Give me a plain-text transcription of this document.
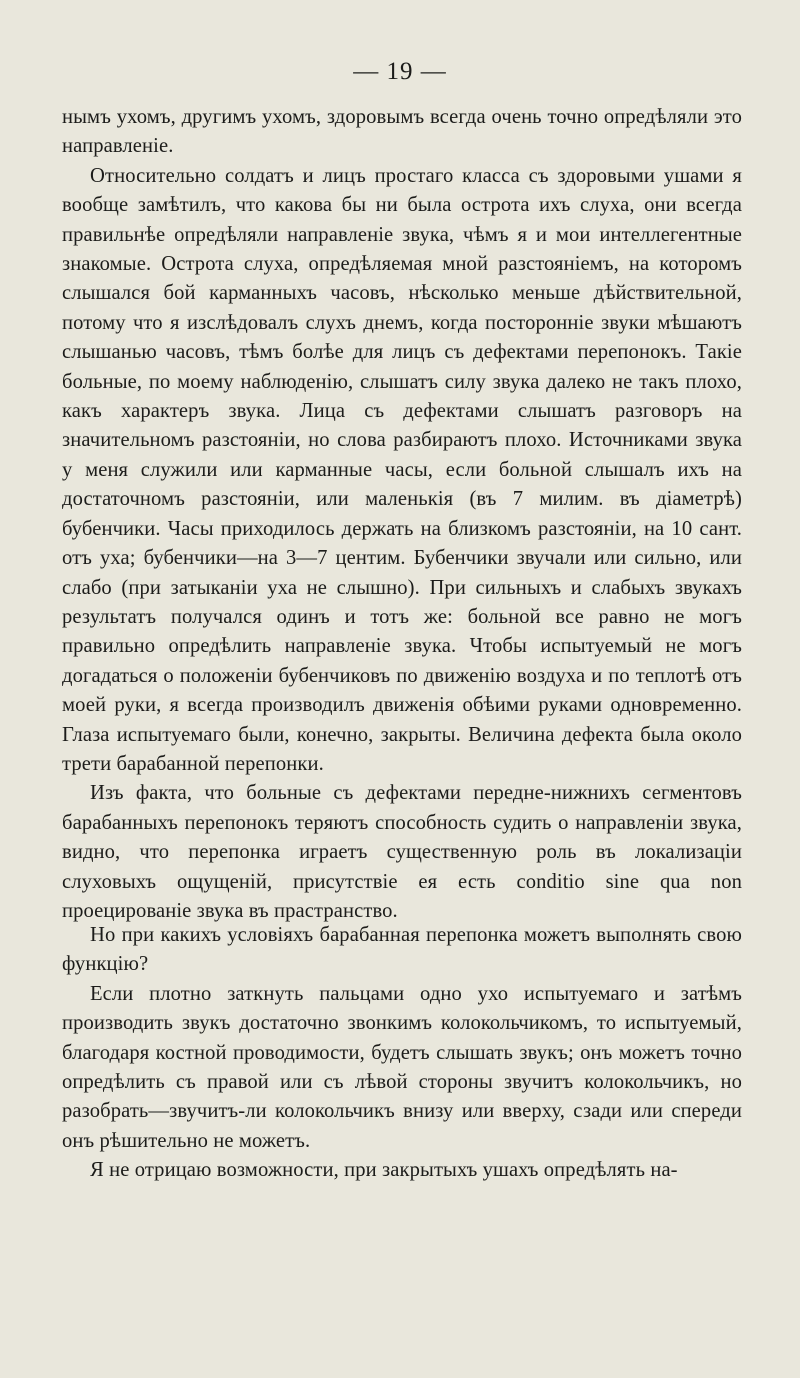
— 19 —

нымъ ухомъ, другимъ ухомъ, здоровымъ всегда очень точно опредѣляли это направленіе.

Относительно солдатъ и лицъ простаго класса съ здоровыми ушами я вообще замѣтилъ, что какова бы ни была острота ихъ слуха, они всегда правильнѣе опредѣляли направленіе звука, чѣмъ я и мои интеллегентные знакомые. Острота слуха, опредѣляемая мной разстояніемъ, на которомъ слышался бой карманныхъ часовъ, нѣсколько меньше дѣйствительной, потому что я изслѣдовалъ слухъ днемъ, когда посторонніе звуки мѣшаютъ слышанью часовъ, тѣмъ болѣе для лицъ съ дефектами перепонокъ. Такіе больные, по моему наблюденію, слышатъ силу звука далеко не такъ плохо, какъ характеръ звука. Лица съ дефектами слышатъ разговоръ на значительномъ разстояніи, но слова разбираютъ плохо. Источниками звука у меня служили или карманные часы, если больной слышалъ ихъ на достаточномъ разстояніи, или маленькія (въ 7 милим. въ діаметрѣ) бубенчики. Часы приходилось держать на близкомъ разстояніи, на 10 сант. отъ уха; бубенчики—на 3—7 центим. Бубенчики звучали или сильно, или слабо (при затыканіи уха не слышно). При сильныхъ и слабыхъ звукахъ результатъ получался одинъ и тотъ же: больной все равно не могъ правильно опредѣлить направленіе звука. Чтобы испытуемый не могъ догадаться о положеніи бубенчиковъ по движенію воздуха и по теплотѣ отъ моей руки, я всегда производилъ движенія обѣими руками одновременно. Глаза испытуемаго были, конечно, закрыты. Величина дефекта была около трети барабанной перепонки.

Изъ факта, что больные съ дефектами передне-нижнихъ сегментовъ барабанныхъ перепонокъ теряютъ способность судить о направленіи звука, видно, что перепонка играетъ существенную роль въ локализаціи слуховыхъ ощущеній, присутствіе ея есть conditio sine qua non проецированіе звука въ прастранство.

Но при какихъ условіяхъ барабанная перепонка можетъ выполнять свою функцію?

Если плотно заткнуть пальцами одно ухо испытуемаго и затѣмъ производить звукъ достаточно звонкимъ колокольчикомъ, то испытуемый, благодаря костной проводимости, будетъ слышать звукъ; онъ можетъ точно опредѣлить съ правой или съ лѣвой стороны звучитъ колокольчикъ, но разобрать—звучитъ-ли колокольчикъ внизу или вверху, сзади или спереди онъ рѣшительно не можетъ.

Я не отрицаю возможности, при закрытыхъ ушахъ опредѣлять на-
